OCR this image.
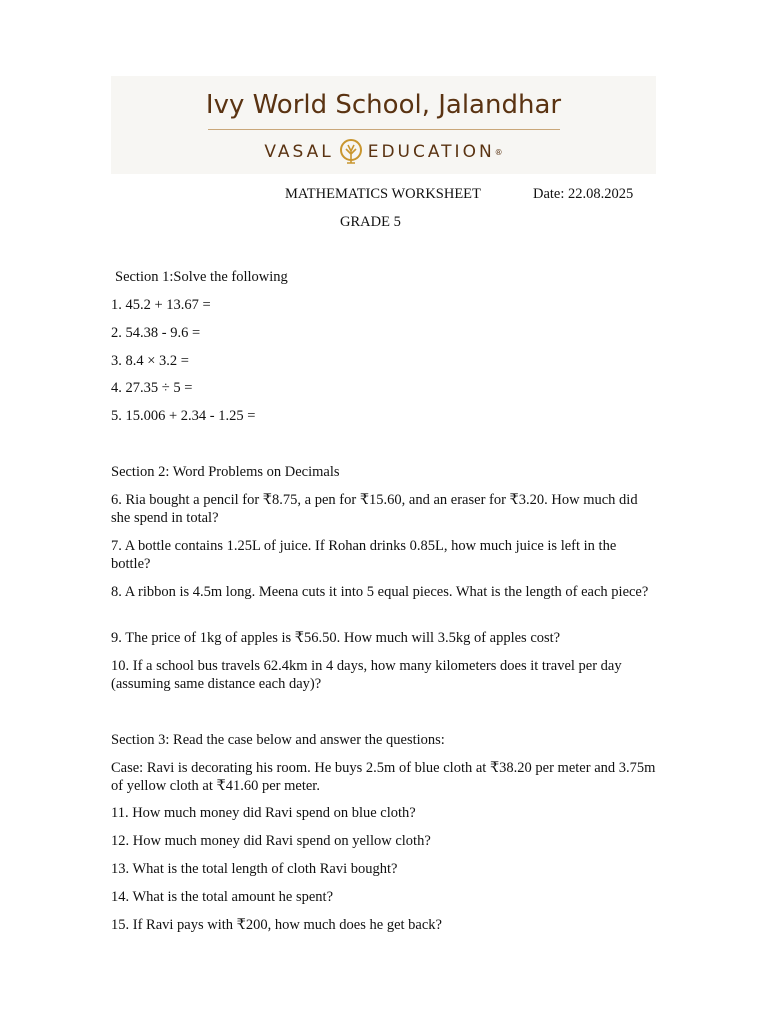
Ivy World School, Jalandhar
VASAL EDUCATION ®
MATHEMATICS WORKSHEET	Date: 22.08.2025
GRADE 5
Section 1:Solve the following
1. 45.2 + 13.67 =
2. 54.38 - 9.6 =
3. 8.4 × 3.2 =
4. 27.35 ÷ 5 =
5. 15.006 + 2.34 - 1.25 =
Section 2: Word Problems on Decimals
6. Ria bought a pencil for ₹8.75, a pen for ₹15.60, and an eraser for ₹3.20. How much did she spend in total?
7. A bottle contains 1.25L of juice. If Rohan drinks 0.85L, how much juice is left in the bottle?
8. A ribbon is 4.5m long. Meena cuts it into 5 equal pieces. What is the length of each piece?
9. The price of 1kg of apples is ₹56.50. How much will 3.5kg of apples cost?
10. If a school bus travels 62.4km in 4 days, how many kilometers does it travel per day (assuming same distance each day)?
Section 3: Read the case below and answer the questions:
Case: Ravi is decorating his room. He buys 2.5m of blue cloth at ₹38.20 per meter and 3.75m of yellow cloth at ₹41.60 per meter.
11. How much money did Ravi spend on blue cloth?
12. How much money did Ravi spend on yellow cloth?
13. What is the total length of cloth Ravi bought?
14. What is the total amount he spent?
15. If Ravi pays with ₹200, how much does he get back?
